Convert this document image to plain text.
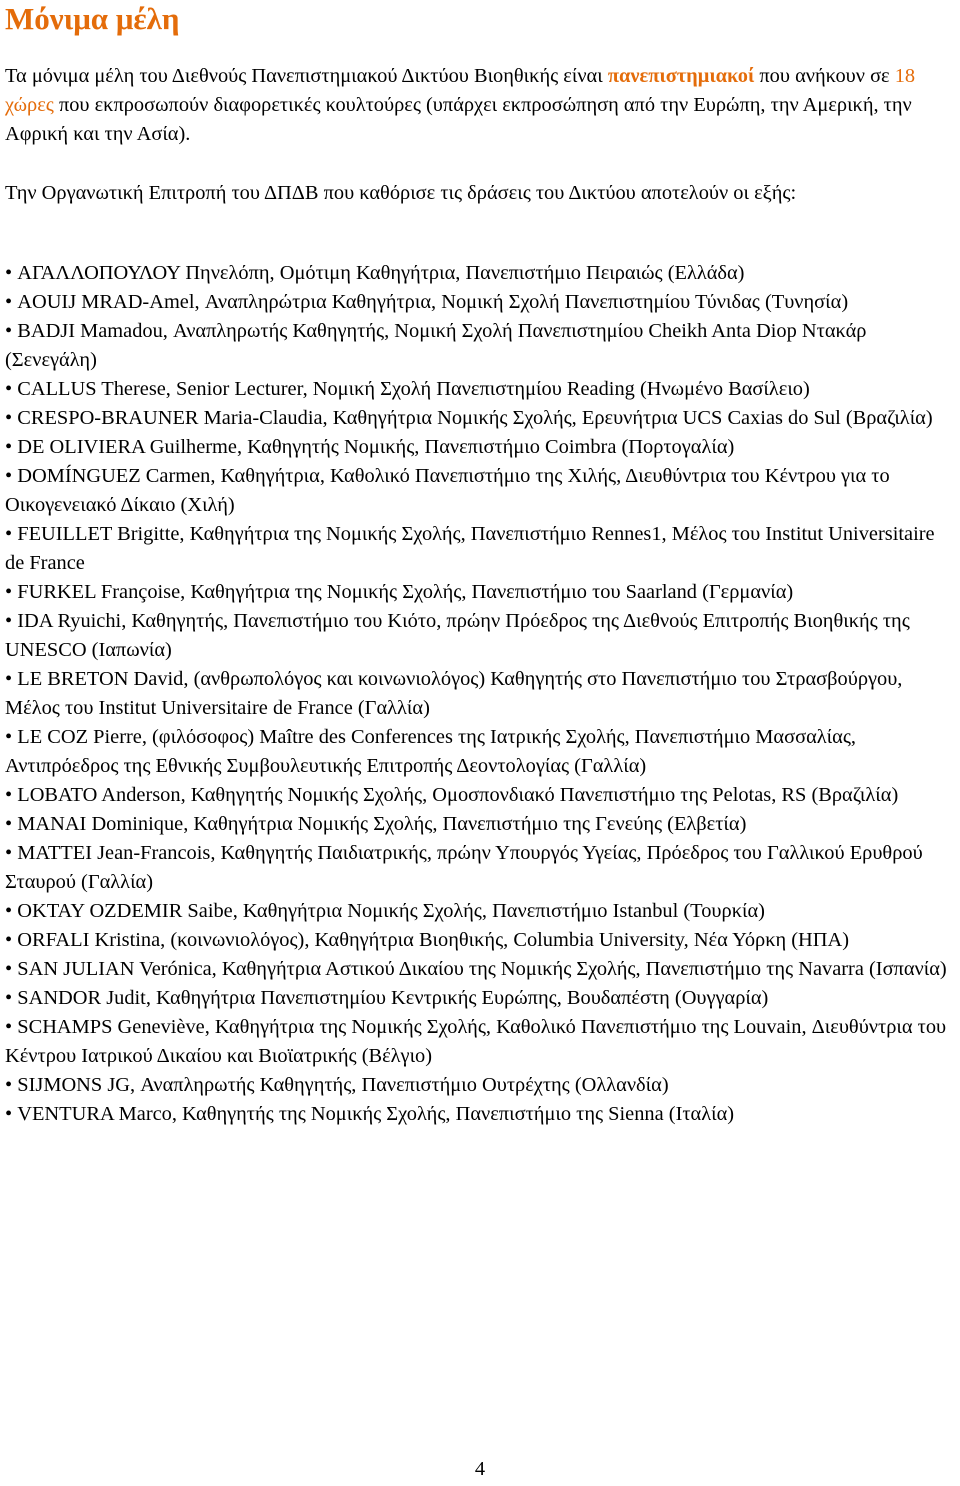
Μόνιμα μέλη

Τα μόνιμα μέλη του Διεθνούς Πανεπιστημιακού Δικτύου Βιοηθικής είναι πανεπιστημιακοί που ανήκουν σε 18 χώρες που εκπροσωπούν διαφορετικές κουλτούρες (υπάρχει εκπροσώπηση από την Ευρώπη, την Αμερική, την Αφρική και την Ασία).

Την Οργανωτική Επιτροπή του ΔΠΔΒ που καθόρισε τις δράσεις του Δικτύου αποτελούν οι εξής:

• ΑΓΑΛΛΟΠΟΥΛΟΥ Πηνελόπη, Ομότιμη Καθηγήτρια, Πανεπιστήμιο Πειραιώς (Ελλάδα)
• AOUIJ MRAD-Amel, Αναπληρώτρια Καθηγήτρια, Νομική Σχολή Πανεπιστημίου Τύνιδας (Τυνησία)
• BADJI Mamadou, Αναπληρωτής Καθηγητής, Νομική Σχολή Πανεπιστημίου Cheikh Anta Diop Ντακάρ (Σενεγάλη)
• CALLUS Therese, Senior Lecturer, Νομική Σχολή Πανεπιστημίου Reading (Ηνωμένο Βασίλειο)
• CRESPO-BRAUNER Maria-Claudia, Καθηγήτρια Νομικής Σχολής, Ερευνήτρια UCS Caxias do Sul (Βραζιλία)
• DE OLIVIERA Guilherme, Καθηγητής Νομικής, Πανεπιστήμιο Coimbra (Πορτογαλία)
• DOMÍNGUEZ Carmen, Καθηγήτρια, Καθολικό Πανεπιστήμιο της Χιλής, Διευθύντρια του Κέντρου για το Οικογενειακό Δίκαιο (Χιλή)
• FEUILLET Brigitte, Καθηγήτρια της Νομικής Σχολής, Πανεπιστήμιο Rennes1, Μέλος του Institut Universitaire de France
• FURKEL Françoise, Καθηγήτρια της Νομικής Σχολής, Πανεπιστήμιο του Saarland (Γερμανία)
• IDA Ryuichi, Καθηγητής, Πανεπιστήμιο του Κιότο, πρώην Πρόεδρος της Διεθνούς Επιτροπής Βιοηθικής της UNESCO (Ιαπωνία)
• LE BRETON David, (ανθρωπολόγος και κοινωνιολόγος) Καθηγητής στο Πανεπιστήμιο του Στρασβούργου, Μέλος του Institut Universitaire de France (Γαλλία)
• LE COZ Pierre, (φιλόσοφος) Maître des Conferences της Ιατρικής Σχολής, Πανεπιστήμιο Μασσαλίας, Αντιπρόεδρος της Εθνικής Συμβουλευτικής Επιτροπής Δεοντολογίας (Γαλλία)
• LOBATO Anderson, Καθηγητής Νομικής Σχολής, Ομοσπονδιακό Πανεπιστήμιο της Pelotas, RS (Βραζιλία)
• MANAI Dominique, Καθηγήτρια Νομικής Σχολής, Πανεπιστήμιο της Γενεύης (Ελβετία)
• MATTEI Jean-Francois, Καθηγητής Παιδιατρικής, πρώην Υπουργός Υγείας, Πρόεδρος του Γαλλικού Ερυθρού Σταυρού (Γαλλία)
• OKTAY OZDEMIR Saibe, Καθηγήτρια Νομικής Σχολής, Πανεπιστήμιο Istanbul (Τουρκία)
• ORFALI Kristina, (κοινωνιολόγος), Καθηγήτρια Βιοηθικής, Columbia University, Νέα Υόρκη (ΗΠΑ)
• SAN JULIAN Verónica, Καθηγήτρια Αστικού Δικαίου της Νομικής Σχολής, Πανεπιστήμιο της Navarra (Ισπανία)
• SANDOR Judit, Καθηγήτρια Πανεπιστημίου Κεντρικής Ευρώπης, Βουδαπέστη (Ουγγαρία)
• SCHAMPS Geneviève, Καθηγήτρια της Νομικής Σχολής, Καθολικό Πανεπιστήμιο της Louvain, Διευθύντρια του Κέντρου Ιατρικού Δικαίου και Βιοϊατρικής (Βέλγιο)
• SIJMONS JG, Αναπληρωτής Καθηγητής, Πανεπιστήμιο Ουτρέχτης (Ολλανδία)
• VENTURA Marco, Καθηγητής της Νομικής Σχολής, Πανεπιστήμιο της Sienna (Ιταλία)
4
